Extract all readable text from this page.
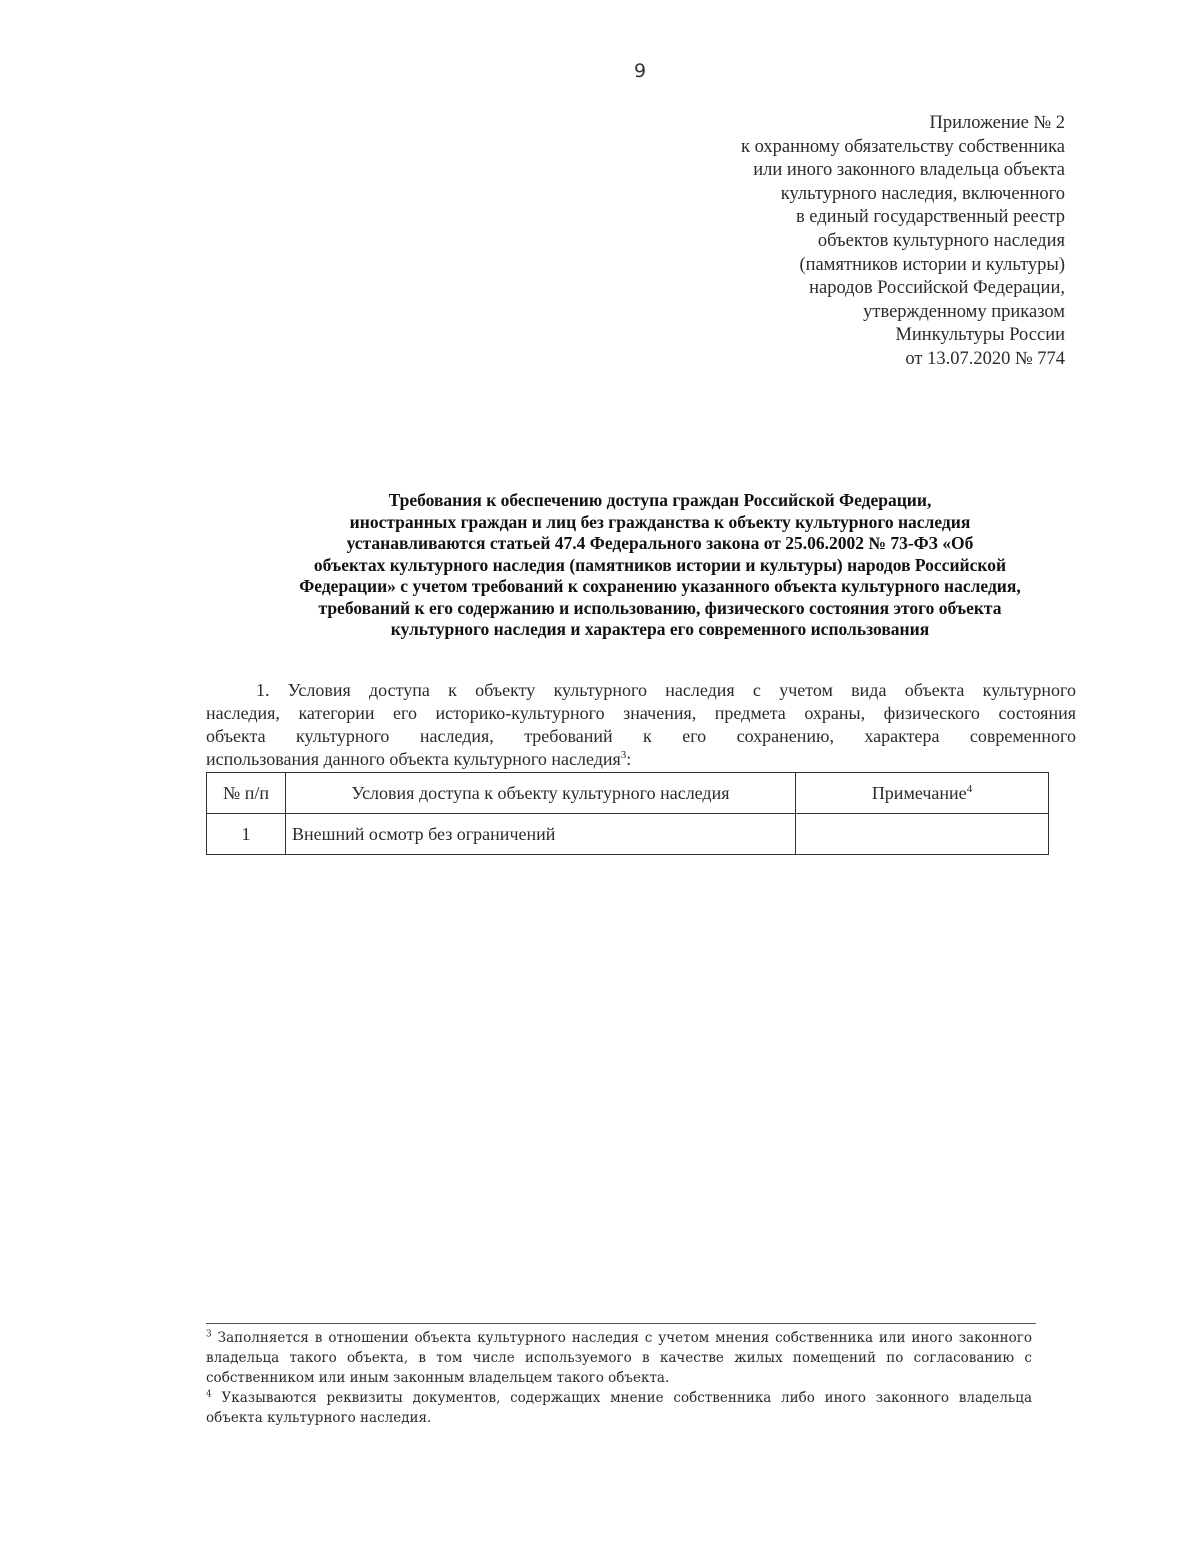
9
Приложение № 2
к охранному обязательству собственника
или иного законного владельца объекта
культурного наследия, включенного
в единый государственный реестр
объектов культурного наследия
(памятников истории и культуры)
народов Российской Федерации,
утвержденному приказом
Минкультуры России
от 13.07.2020 № 774
Требования к обеспечению доступа граждан Российской Федерации,
иностранных граждан и лиц без гражданства к объекту культурного наследия
устанавливаются статьей 47.4 Федерального закона от 25.06.2002 № 73-ФЗ «Об
объектах культурного наследия (памятников истории и культуры) народов Российской
Федерации» с учетом требований к сохранению указанного объекта культурного наследия,
требований к его содержанию и использованию, физического состояния этого объекта
культурного наследия и характера его современного использования
1. Условия доступа к объекту культурного наследия с учетом вида объекта культурного
наследия, категории его историко-культурного значения, предмета охраны, физического состояния
объекта культурного наследия, требований к его сохранению, характера современного
использования данного объекта культурного наследия$^3$:
№ п/п	Условия доступа к объекту культурного наследия	Примечание$^4$
1	Внешний осмотр без ограничений	
$^3$ Заполняется в отношении объекта культурного наследия с учетом мнения собственника или иного законного владельца такого объекта, в том числе используемого в качестве жилых помещений по согласованию с собственником или иным законным владельцем такого объекта.
$^4$ Указываются реквизиты документов, содержащих мнение собственника либо иного законного владельца объекта культурного наследия.
